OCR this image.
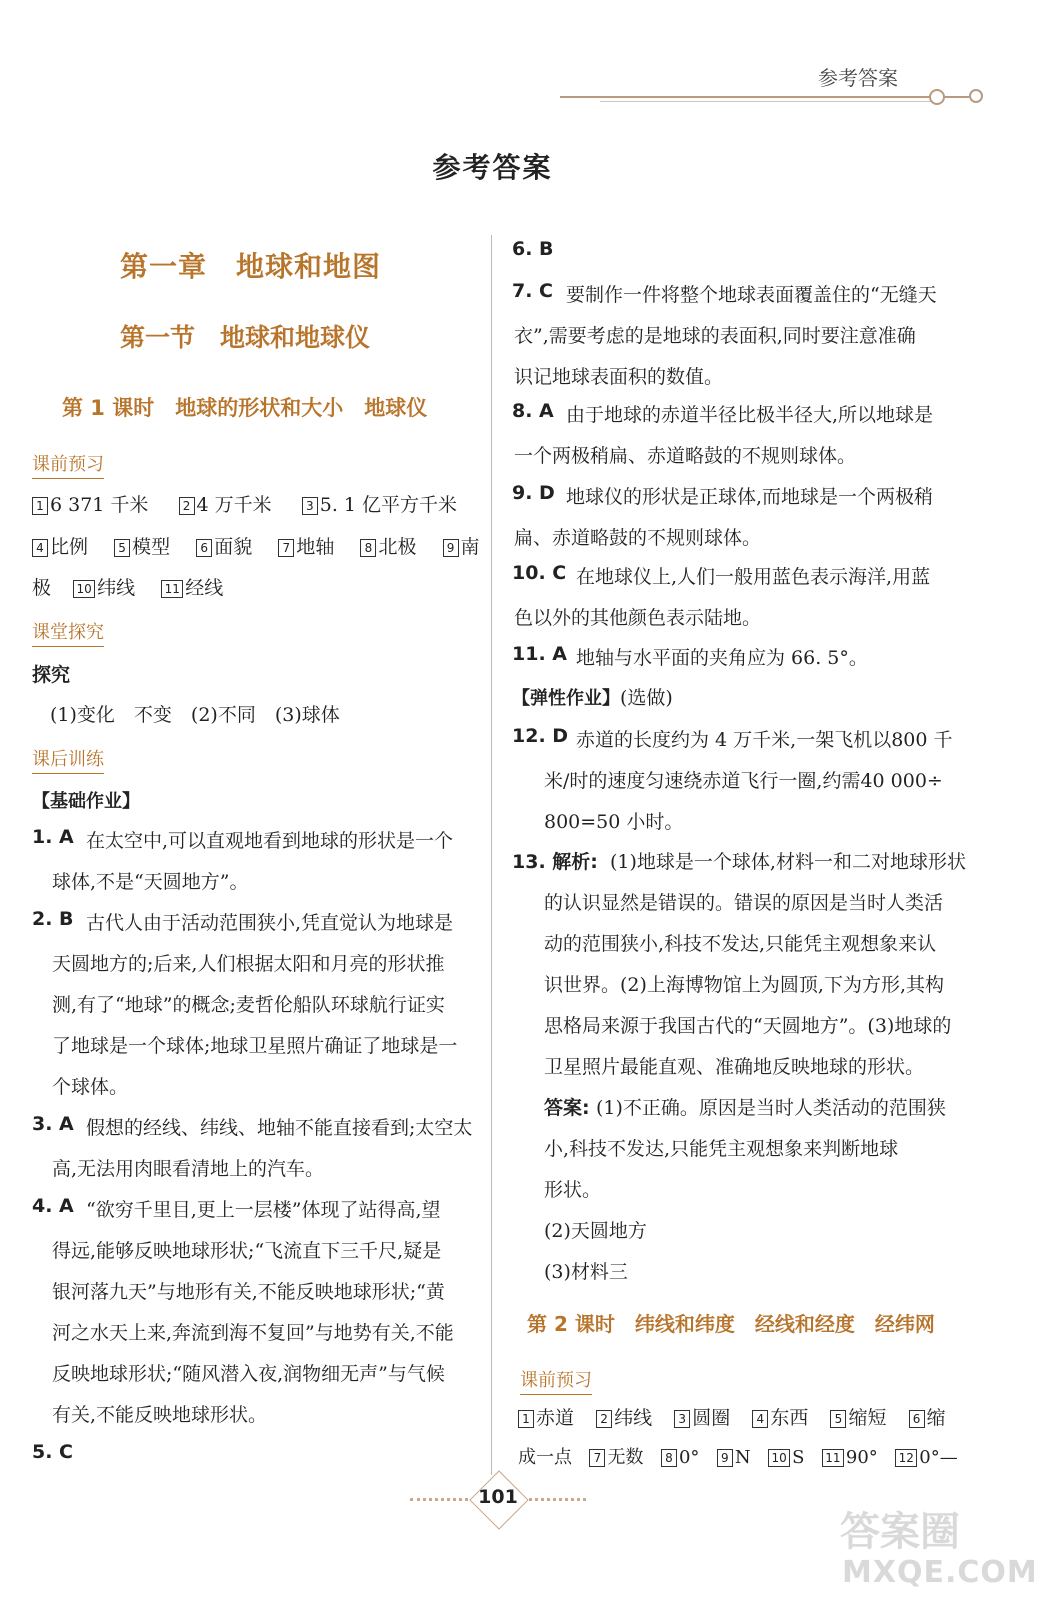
参考答案
参考答案
第一章　地球和地图
第一节　地球和地球仪
第 1 课时　地球的形状和大小　地球仪
课前预习
1 6 371 千米	2 4 万千米	3 5. 1 亿平方千米
4 比例	5 模型	6 面貌	7 地轴	8 北极	9 南
极 10 纬线 11 经线
课堂探究
探究
(1)变化　不变　(2)不同　(3)球体
课后训练
【基础作业】
1. A 在太空中,可以直观地看到地球的形状是一个
球体,不是“天圆地方”。
2. B 古代人由于活动范围狭小,凭直觉认为地球是
天圆地方的;后来,人们根据太阳和月亮的形状推
测,有了“地球”的概念;麦哲伦船队环球航行证实
了地球是一个球体;地球卫星照片确证了地球是一
个球体。
3. A 假想的经线、纬线、地轴不能直接看到;太空太
高,无法用肉眼看清地上的汽车。
4. A “欲穷千里目,更上一层楼”体现了站得高,望
得远,能够反映地球形状;“飞流直下三千尺,疑是
银河落九天”与地形有关,不能反映地球形状;“黄
河之水天上来,奔流到海不复回”与地势有关,不能
反映地球形状;“随风潜入夜,润物细无声”与气候
有关,不能反映地球形状。
5. C
6. B
7. C 要制作一件将整个地球表面覆盖住的“无缝天
衣”,需要考虑的是地球的表面积,同时要注意准确
识记地球表面积的数值。
8. A 由于地球的赤道半径比极半径大,所以地球是
一个两极稍扁、赤道略鼓的不规则球体。
9. D 地球仪的形状是正球体,而地球是一个两极稍
扁、赤道略鼓的不规则球体。
10. C 在地球仪上,人们一般用蓝色表示海洋,用蓝
色以外的其他颜色表示陆地。
11. A 地轴与水平面的夹角应为 66. 5°。
【弹性作业】(选做)
12. D 赤道的长度约为 4 万千米,一架飞机以800 千
米/时的速度匀速绕赤道飞行一圈,约需40 000÷
800=50 小时。
13. 解析: (1)地球是一个球体,材料一和二对地球形状
的认识显然是错误的。错误的原因是当时人类活
动的范围狭小,科技不发达,只能凭主观想象来认
识世界。(2)上海博物馆上为圆顶,下为方形,其构
思格局来源于我国古代的“天圆地方”。(3)地球的
卫星照片最能直观、准确地反映地球的形状。
答案: (1)不正确。原因是当时人类活动的范围狭
小,科技不发达,只能凭主观想象来判断地球
形状。
(2)天圆地方
(3)材料三
第 2 课时　纬线和纬度　经线和经度　经纬网
课前预习
1 赤道 2 纬线 3 圆圈 4 东西 5 缩短 6 缩
成一点 7 无数 8 0° 9 N 10 S 11 90° 12 0°—
101
答案圈
MXQE.COM
